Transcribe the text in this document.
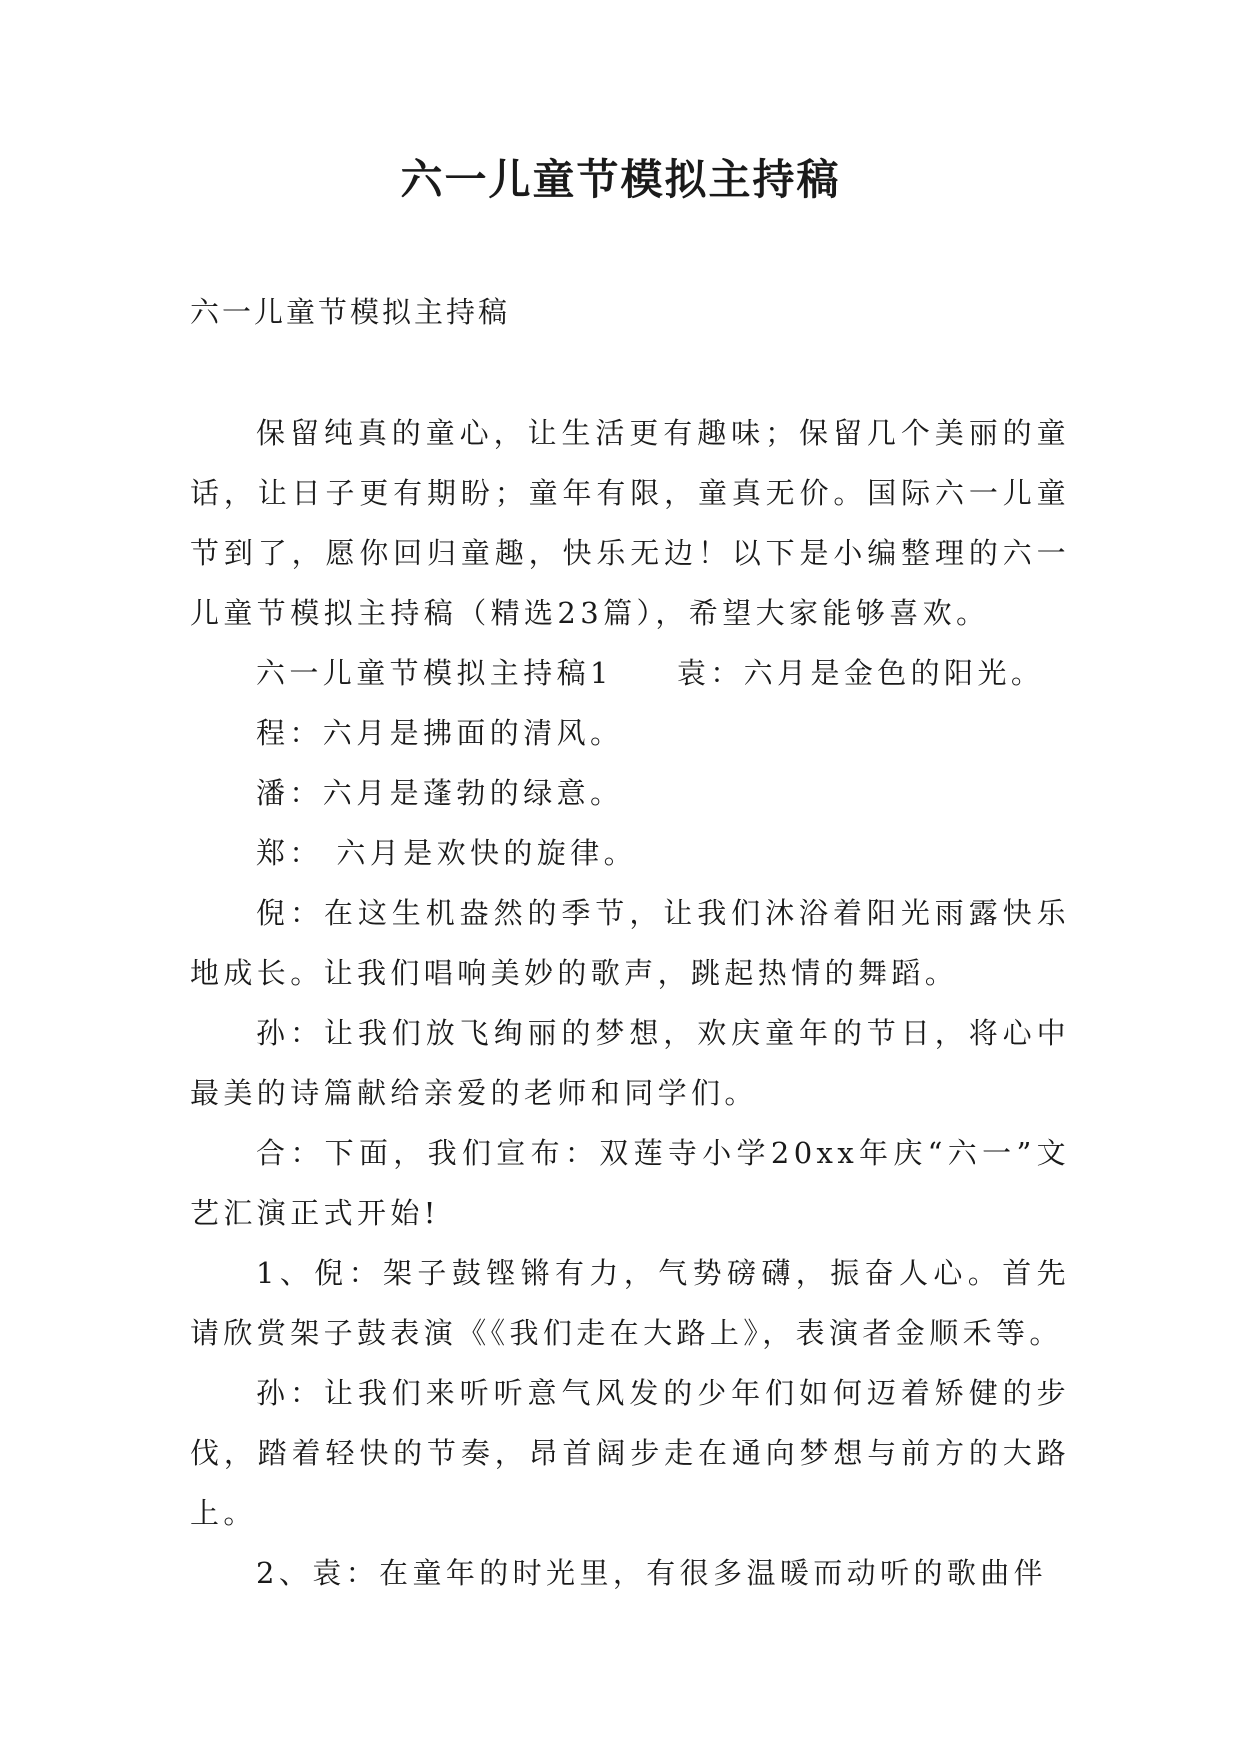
六一儿童节模拟主持稿

六一儿童节模拟主持稿

保留纯真的童心，让生活更有趣味；保留几个美丽的童话，让日子更有期盼；童年有限，童真无价。国际六一儿童节到了，愿你回归童趣，快乐无边！以下是小编整理的六一儿童节模拟主持稿（精选23篇），希望大家能够喜欢。

六一儿童节模拟主持稿1 袁：六月是金色的阳光。

程：六月是拂面的清风。

潘：六月是蓬勃的绿意。

郑： 六月是欢快的旋律。

倪：在这生机盎然的季节，让我们沐浴着阳光雨露快乐地成长。让我们唱响美妙的歌声，跳起热情的舞蹈。

孙：让我们放飞绚丽的梦想，欢庆童年的节日，将心中最美的诗篇献给亲爱的老师和同学们。

合：下面，我们宣布：双莲寺小学20xx年庆“六一”文艺汇演正式开始!

1、倪：架子鼓铿锵有力，气势磅礴，振奋人心。首先请欣赏架子鼓表演《《我们走在大路上》，表演者金顺禾等。

孙：让我们来听听意气风发的少年们如何迈着矫健的步伐，踏着轻快的节奏，昂首阔步走在通向梦想与前方的大路上。

2、袁：在童年的时光里，有很多温暖而动听的歌曲伴
